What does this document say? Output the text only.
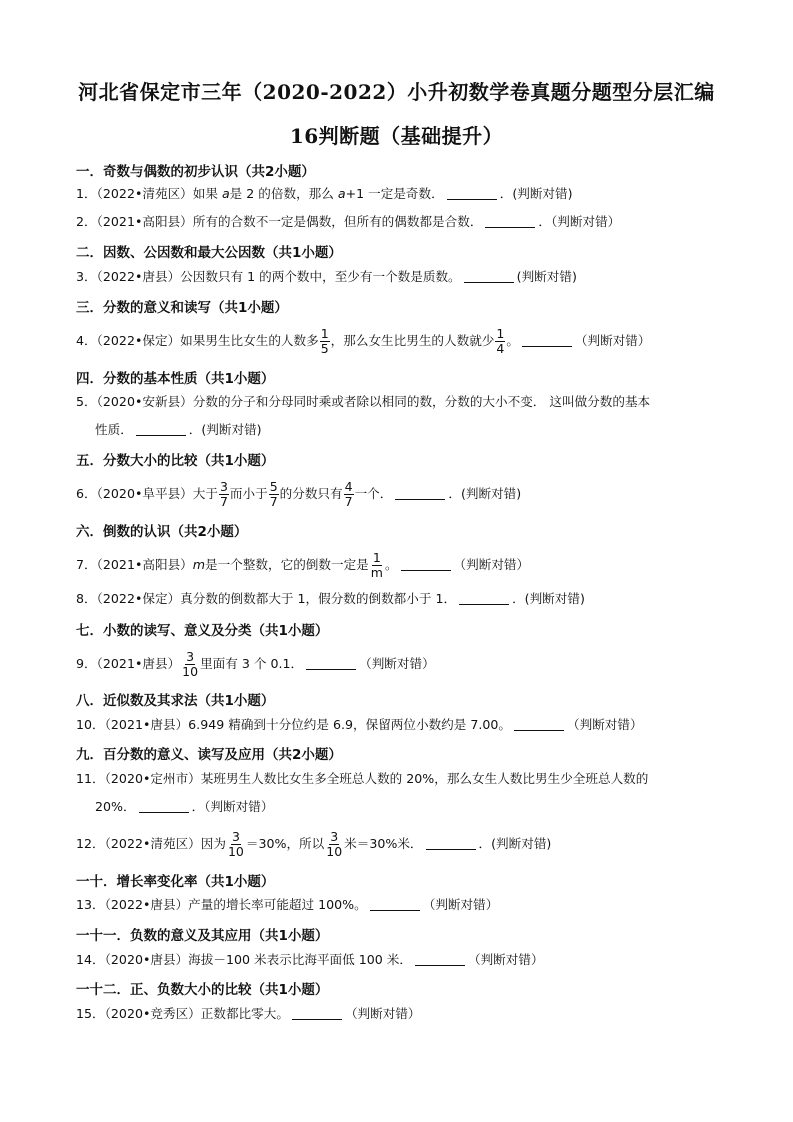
河北省保定市三年（2020-2022）小升初数学卷真题分题型分层汇编
16判断题（基础提升）
一．奇数与偶数的初步认识（共2小题）
1．（2022•清苑区）如果 a是 2 的倍数，那么 a+1 一定是奇数．	．(判断对错)
2．（2021•高阳县）所有的合数不一定是偶数，但所有的偶数都是合数．	．（判断对错）
二．因数、公因数和最大公因数（共1小题）
3．（2022•唐县）公因数只有 1 的两个数中，至少有一个数是质数。	(判断对错)
三．分数的意义和读写（共1小题）
4．（2022•保定）如果男生比女生的人数多 $\frac{1}{5}$ ，那么女生比男生的人数就少 $\frac{1}{4}$ 。	（判断对错）
四．分数的基本性质（共1小题）
5．（2020•安新县）分数的分子和分母同时乘或者除以相同的数，分数的大小不变． 这叫做分数的基本
性质．	．(判断对错)
五．分数大小的比较（共1小题）
6．（2020•阜平县）大于 $\frac{3}{7}$ 而小于 $\frac{5}{7}$ 的分数只有 $\frac{4}{7}$ 一个．	．(判断对错)
六．倒数的认识（共2小题）
7．（2021•高阳县）m是一个整数，它的倒数一定是 $\frac{1}{m}$ 。	（判断对错）
8．（2022•保定）真分数的倒数都大于 1，假分数的倒数都小于 1．	．(判断对错)
七．小数的读写、意义及分类（共1小题）
9．（2021•唐县） $\frac{3}{10}$ 里面有 3 个 0.1．	（判断对错）
八．近似数及其求法（共1小题）
10．（2021•唐县）6.949 精确到十分位约是 6.9，保留两位小数约是 7.00。	（判断对错）
九．百分数的意义、读写及应用（共2小题）
11．（2020•定州市）某班男生人数比女生多全班总人数的 20%，那么女生人数比男生少全班总人数的
20%．	．（判断对错）
12．（2022•清苑区）因为 $\frac{3}{10} =30\%$，所以 $\frac{3}{10}$ 米＝30%米．	．(判断对错)
一十．增长率变化率（共1小题）
13．（2022•唐县）产量的增长率可能超过 100%。	（判断对错）
一十一．负数的意义及其应用（共1小题）
14．（2020•唐县）海拔－100 米表示比海平面低 100 米．	（判断对错）
一十二．正、负数大小的比较（共1小题）
15．（2020•竞秀区）正数都比零大。	（判断对错）
